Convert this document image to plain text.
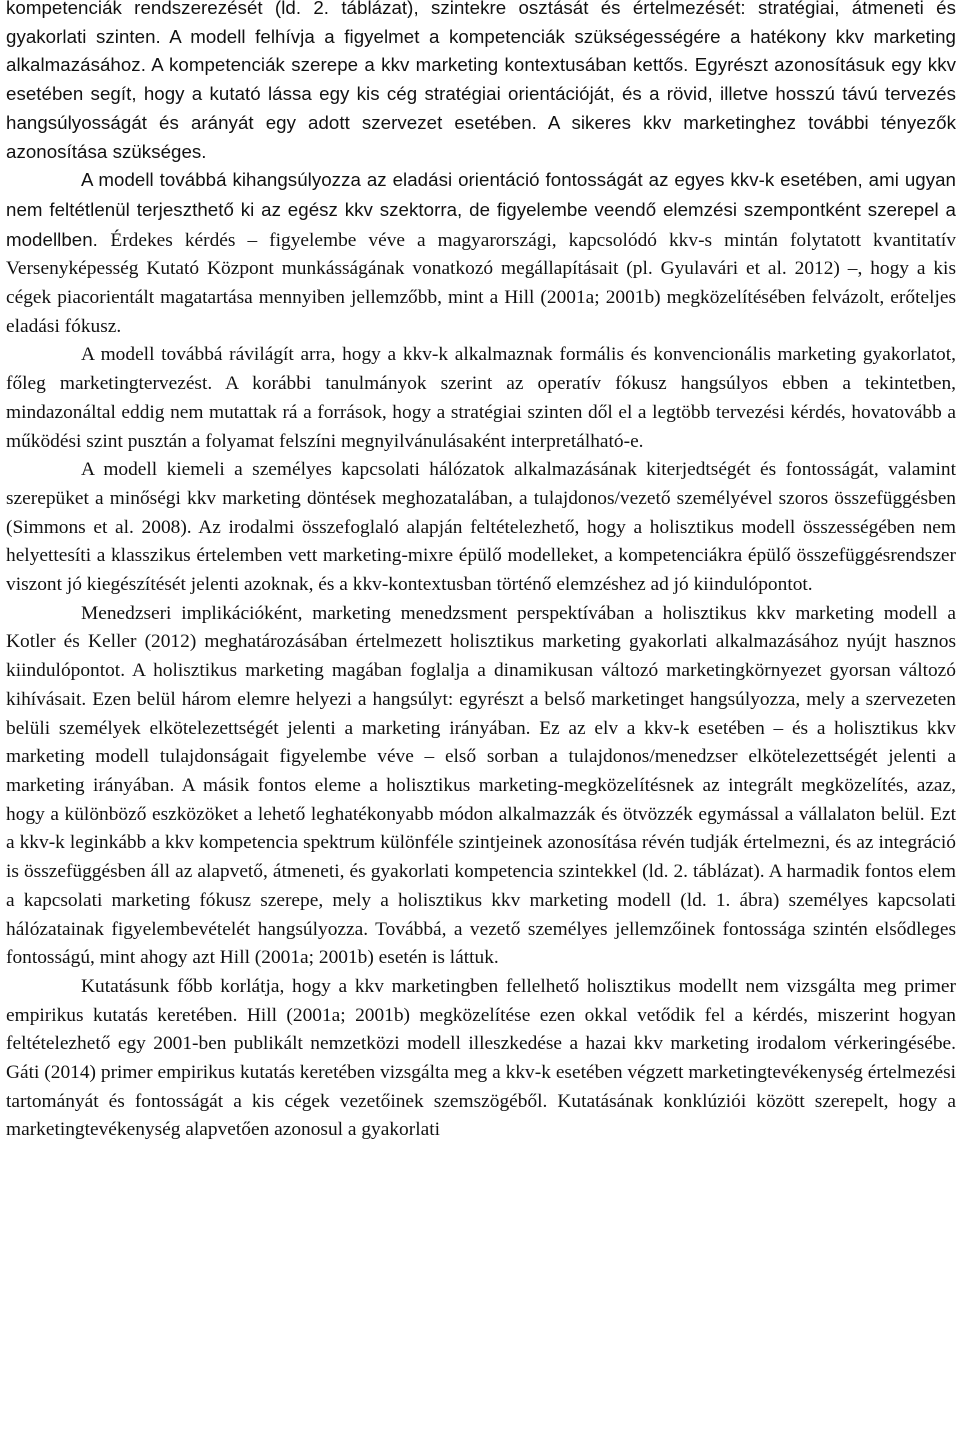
kompetenciák rendszerezését (ld. 2. táblázat), szintekre osztását és értelmezését: stratégiai, átmeneti és gyakorlati szinten. A modell felhívja a figyelmet a kompetenciák szükségességére a hatékony kkv marketing alkalmazásához. A kompetenciák szerepe a kkv marketing kontextusában kettős. Egyrészt azonosításuk egy kkv esetében segít, hogy a kutató lássa egy kis cég stratégiai orientációját, és a rövid, illetve hosszú távú tervezés hangsúlyosságát és arányát egy adott szervezet esetében. A sikeres kkv marketinghez további tényezők azonosítása szükséges.

A modell továbbá kihangsúlyozza az eladási orientáció fontosságát az egyes kkv-k esetében, ami ugyan nem feltétlenül terjeszthető ki az egész kkv szektorra, de figyelembe veendő elemzési szempontként szerepel a modellben. Érdekes kérdés – figyelembe véve a magyarországi, kapcsolódó kkv-s mintán folytatott kvantitatív Versenyképesség Kutató Központ munkásságának vonatkozó megállapításait (pl. Gyulavári et al. 2012) –, hogy a kis cégek piacorientált magatartása mennyiben jellemzőbb, mint a Hill (2001a; 2001b) megközelítésében felvázolt, erőteljes eladási fókusz.

A modell továbbá rávilágít arra, hogy a kkv-k alkalmaznak formális és konvencionális marketing gyakorlatot, főleg marketingtervezést. A korábbi tanulmányok szerint az operatív fókusz hangsúlyos ebben a tekintetben, mindazonáltal eddig nem mutattak rá a források, hogy a stratégiai szinten dől el a legtöbb tervezési kérdés, hovatovább a működési szint pusztán a folyamat felszíni megnyilvánulásaként interpretálható-e.

A modell kiemeli a személyes kapcsolati hálózatok alkalmazásának kiterjedtségét és fontosságát, valamint szerepüket a minőségi kkv marketing döntések meghozatalában, a tulajdonos/vezető személyével szoros összefüggésben (Simmons et al. 2008). Az irodalmi összefoglaló alapján feltételezhető, hogy a holisztikus modell összességében nem helyettesíti a klasszikus értelemben vett marketing-mixre épülő modelleket, a kompetenciákra épülő összefüggésrendszer viszont jó kiegészítését jelenti azoknak, és a kkv-kontextusban történő elemzéshez ad jó kiindulópontot.

Menedzseri implikációként, marketing menedzsment perspektívában a holisztikus kkv marketing modell a Kotler és Keller (2012) meghatározásában értelmezett holisztikus marketing gyakorlati alkalmazásához nyújt hasznos kiindulópontot. A holisztikus marketing magában foglalja a dinamikusan változó marketingkörnyezet gyorsan változó kihívásait. Ezen belül három elemre helyezi a hangsúlyt: egyrészt a belső marketinget hangsúlyozza, mely a szervezeten belüli személyek elkötelezettségét jelenti a marketing irányában. Ez az elv a kkv-k esetében – és a holisztikus kkv marketing modell tulajdonságait figyelembe véve – első sorban a tulajdonos/menedzser elkötelezettségét jelenti a marketing irányában. A másik fontos eleme a holisztikus marketing-megközelítésnek az integrált megközelítés, azaz, hogy a különböző eszközöket a lehető leghatékonyabb módon alkalmazzák és ötvözzék egymással a vállalaton belül. Ezt a kkv-k leginkább a kkv kompetencia spektrum különféle szintjeinek azonosítása révén tudják értelmezni, és az integráció is összefüggésben áll az alapvető, átmeneti, és gyakorlati kompetencia szintekkel (ld. 2. táblázat). A harmadik fontos elem a kapcsolati marketing fókusz szerepe, mely a holisztikus kkv marketing modell (ld. 1. ábra) személyes kapcsolati hálózatainak figyelembevételét hangsúlyozza. Továbbá, a vezető személyes jellemzőinek fontossága szintén elsődleges fontosságú, mint ahogy azt Hill (2001a; 2001b) esetén is láttuk.

Kutatásunk főbb korlátja, hogy a kkv marketingben fellelhető holisztikus modellt nem vizsgálta meg primer empirikus kutatás keretében. Hill (2001a; 2001b) megközelítése ezen okkal vetődik fel a kérdés, miszerint hogyan feltételezhető egy 2001-ben publikált nemzetközi modell illeszkedése a hazai kkv marketing irodalom vérkeringésébe. Gáti (2014) primer empirikus kutatás keretében vizsgálta meg a kkv-k esetében végzett marketingtevékenység értelmezési tartományát és fontosságát a kis cégek vezetőinek szemszögéből. Kutatásának konklúziói között szerepelt, hogy a marketingtevékenység alapvetően azonosul a gyakorlati
